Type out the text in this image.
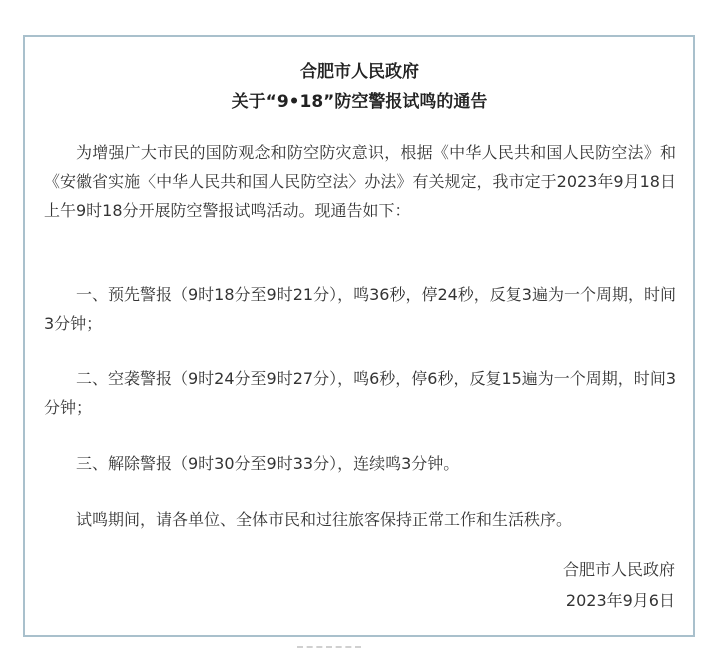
合肥市人民政府
关于“9•18”防空警报试鸣的通告

为增强广大市民的国防观念和防空防灾意识，根据《中华人民共和国人民防空法》和《安徽省实施〈中华人民共和国人民防空法〉办法》有关规定，我市定于2023年9月18日上午9时18分开展防空警报试鸣活动。现通告如下：

一、预先警报（9时18分至9时21分），鸣36秒，停24秒，反复3遍为一个周期，时间3分钟；

二、空袭警报（9时24分至9时27分），鸣6秒，停6秒，反复15遍为一个周期，时间3分钟；

三、解除警报（9时30分至9时33分），连续鸣3分钟。

试鸣期间，请各单位、全体市民和过往旅客保持正常工作和生活秩序。

合肥市人民政府
2023年9月6日
